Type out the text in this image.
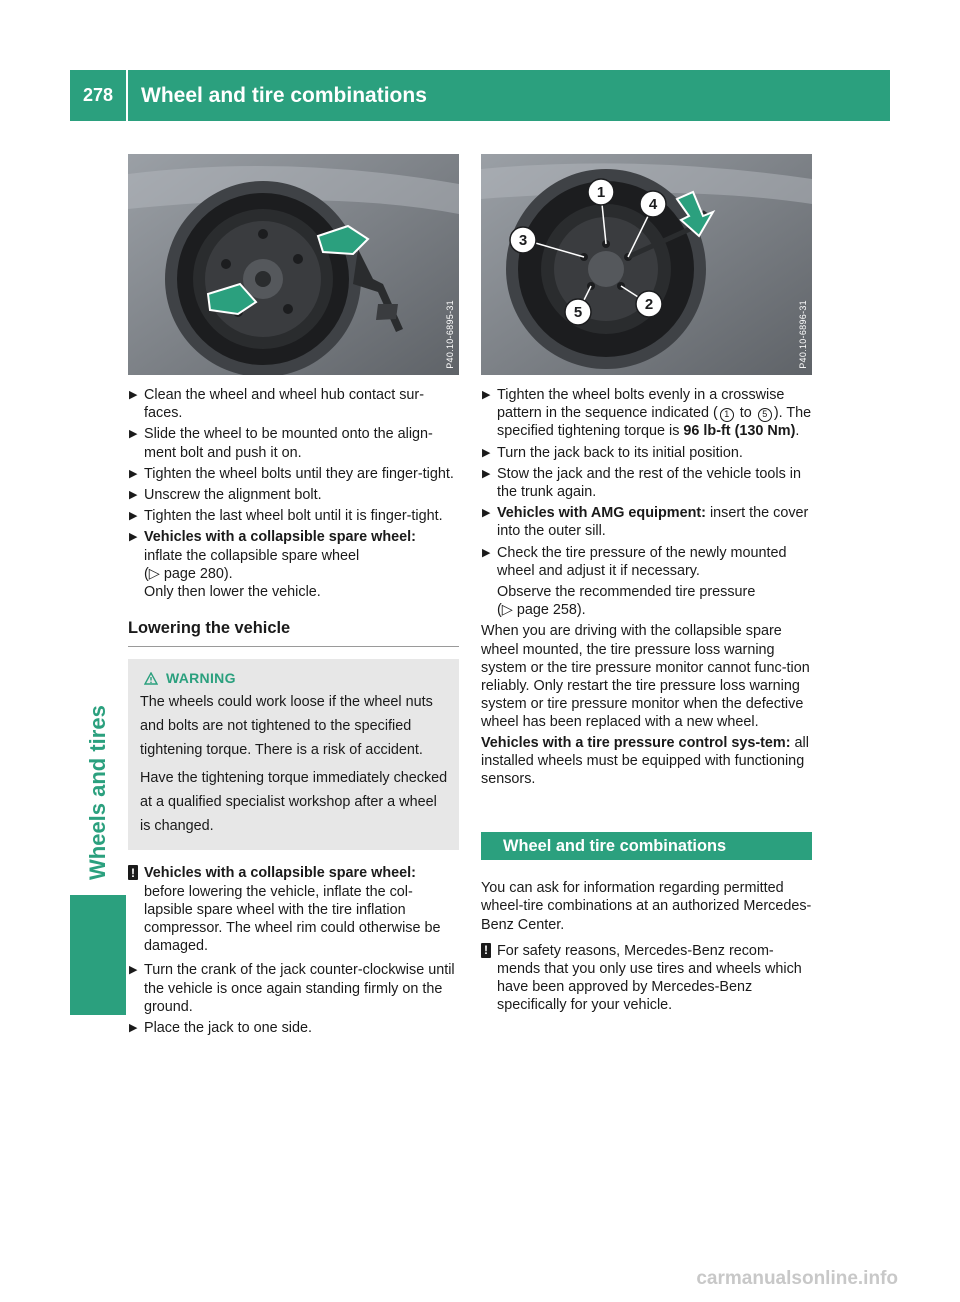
278	Wheel and tire combinations
Wheels and tires
P40.10-6895-31
1
2
3
4
5	P40.10-6896-31
▶ Clean the wheel and wheel hub contact sur-faces.
▶ Slide the wheel to be mounted onto the align-ment bolt and push it on.
▶ Tighten the wheel bolts until they are finger-tight.
▶ Unscrew the alignment bolt.
▶ Tighten the last wheel bolt until it is finger-tight.
▶ Vehicles with a collapsible spare wheel:
inflate the collapsible spare wheel
(▷ page 280).
Only then lower the vehicle.
Lowering the vehicle
WARNING

The wheels could work loose if the wheel nuts and bolts are not tightened to the specified tightening torque. There is a risk of accident.

Have the tightening torque immediately checked at a qualified specialist workshop after a wheel is changed.

! Vehicles with a collapsible spare wheel: before lowering the vehicle, inflate the col-lapsible spare wheel with the tire inflation compressor. The wheel rim could otherwise be damaged.
▶ Turn the crank of the jack counter-clockwise until the vehicle is once again standing firmly on the ground.
▶ Place the jack to one side.
▶ Tighten the wheel bolts evenly in a crosswise pattern in the sequence indicated ( 1 to 5 ). The specified tightening torque is 96 lb-ft (130 Nm).
▶ Turn the jack back to its initial position.
▶ Stow the jack and the rest of the vehicle tools in the trunk again.
▶ Vehicles with AMG equipment: insert the cover into the outer sill.
▶ Check the tire pressure of the newly mounted wheel and adjust it if necessary.
Observe the recommended tire pressure
(▷ page 258).
When you are driving with the collapsible spare wheel mounted, the tire pressure loss warning system or the tire pressure monitor cannot func-tion reliably. Only restart the tire pressure loss warning system or tire pressure monitor when the defective wheel has been replaced with a new wheel.
Vehicles with a tire pressure control sys-tem: all installed wheels must be equipped with functioning sensors.
Wheel and tire combinations
You can ask for information regarding permitted wheel-tire combinations at an authorized Mercedes-Benz Center.
! For safety reasons, Mercedes-Benz recom-mends that you only use tires and wheels which have been approved by Mercedes-Benz specifically for your vehicle.
carmanualsonline.info
